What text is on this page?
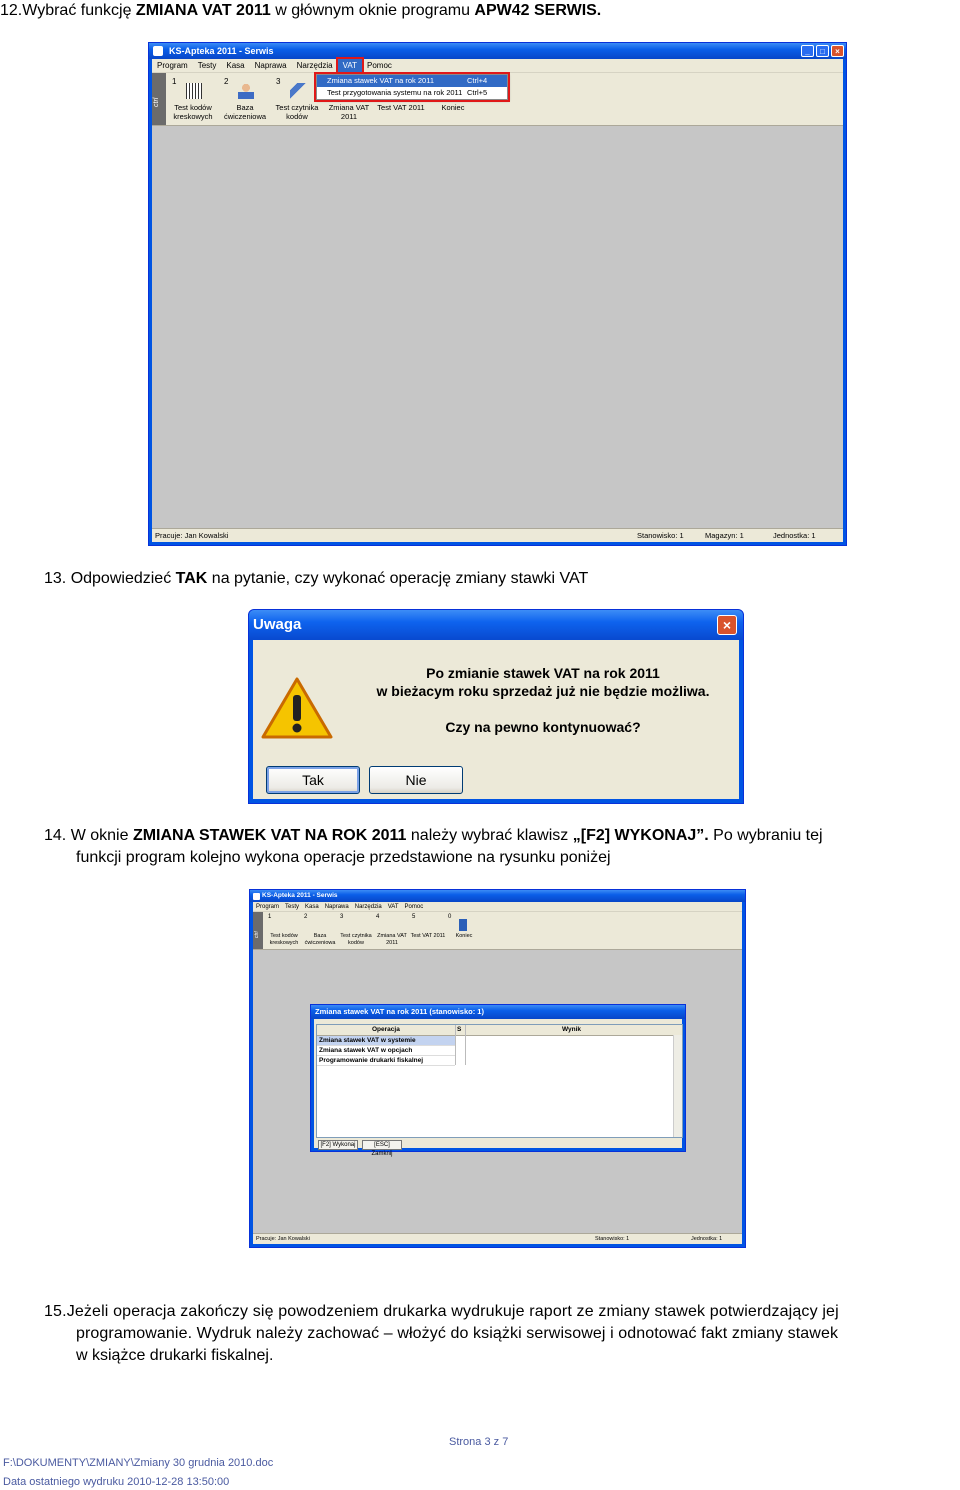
12.Wybrać funkcję ZMIANA VAT 2011 w głównym oknie programu APW42 SERWIS.
KS-Apteka 2011 - Serwis	_	□	×
Program Testy Kasa Naprawa Narzędzia VAT Pomoc
ctrl
1
Test kodów kreskowych
2
Baza ćwiczeniowa
3
Test czytnika kodów
Zmiana VAT 2011
Test VAT 2011	Koniec
Pracuje: Jan Kowalski	Stanowisko: 1	Magazyn: 1	Jednostka: 1
Zmiana stawek VAT na rok 2011	Ctrl+4
Test przygotowania systemu na rok 2011 Ctrl+5
13. Odpowiedzieć TAK na pytanie, czy wykonać operację zmiany stawki VAT
Uwaga	×
Po zmianie stawek VAT na rok 2011
w bieżacym roku sprzedaż już nie będzie możliwa.
Czy na pewno kontynuować?
Tak	Nie
14. W oknie ZMIANA STAWEK VAT NA ROK 2011 należy wybrać klawisz „[F2] WYKONAJ”. Po wybraniu tej
funkcji program kolejno wykona operacje przedstawione na rysunku poniżej
KS-Apteka 2011 - Serwis
Program Testy Kasa Naprawa Narzędzia VAT Pomoc
ctrl
1
Test kodów kreskowych
2
Baza ćwiczeniowa
3
Test czytnika kodów
4
Zmiana VAT 2011
5
Test VAT 2011
0
Koniec
Pracuje: Jan Kowalski	Stanowisko: 1	Jednostka: 1
Zmiana stawek VAT na rok 2011 (stanowisko: 1)
Operacja	S	Wynik
Zmiana stawek VAT w systemie
Zmiana stawek VAT w opcjach
Programowanie drukarki fiskalnej
[F2] Wykonaj	[ESC] Zamknij
15.Jeżeli operacja zakończy się powodzeniem drukarka wydrukuje raport ze zmiany stawek potwierdzający jej
programowanie. Wydruk należy zachować – włożyć do książki serwisowej i odnotować fakt zmiany stawek
w książce drukarki fiskalnej.
Strona 3 z 7
F:\DOKUMENTY\ZMIANY\Zmiany 30 grudnia 2010.doc
Data ostatniego wydruku 2010-12-28 13:50:00
